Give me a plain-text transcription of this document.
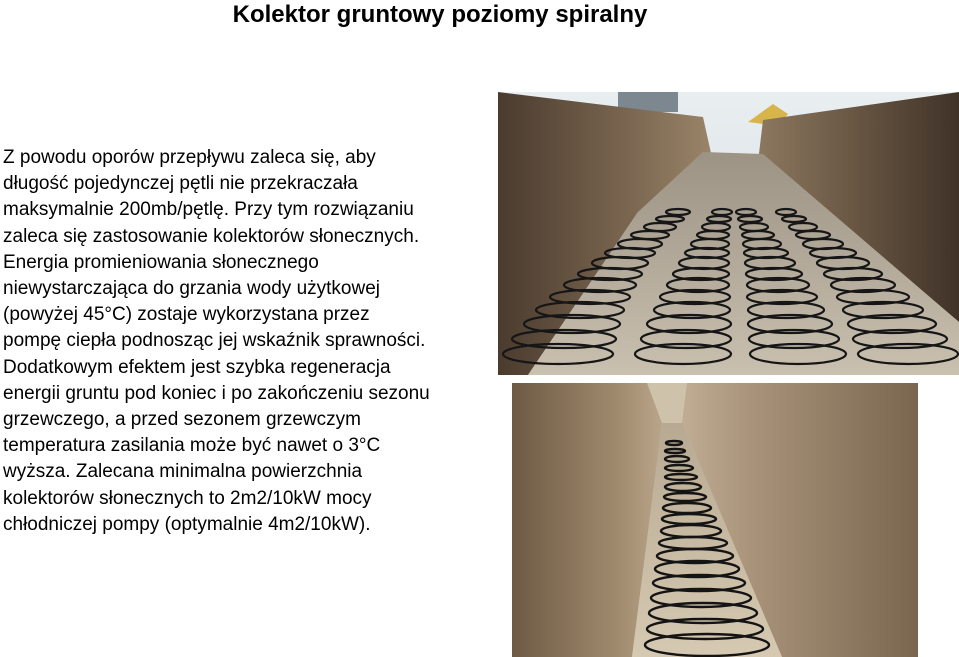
Kolektor gruntowy poziomy spiralny
Z powodu oporów przepływu zaleca się, aby
długość pojedynczej pętli nie przekraczała
maksymalnie 200mb/pętlę. Przy tym rozwiązaniu
zaleca się zastosowanie kolektorów słonecznych.
Energia promieniowania słonecznego
niewystarczająca do grzania wody użytkowej
(powyżej 45°C) zostaje wykorzystana przez
pompę ciepła podnosząc jej wskaźnik sprawności.
Dodatkowym efektem jest szybka regeneracja
energii gruntu pod koniec i po zakończeniu sezonu
grzewczego, a przed sezonem grzewczym
temperatura zasilania może być nawet o 3°C
wyższa. Zalecana minimalna powierzchnia
kolektorów słonecznych to 2m2/10kW mocy
chłodniczej pompy (optymalnie 4m2/10kW).
